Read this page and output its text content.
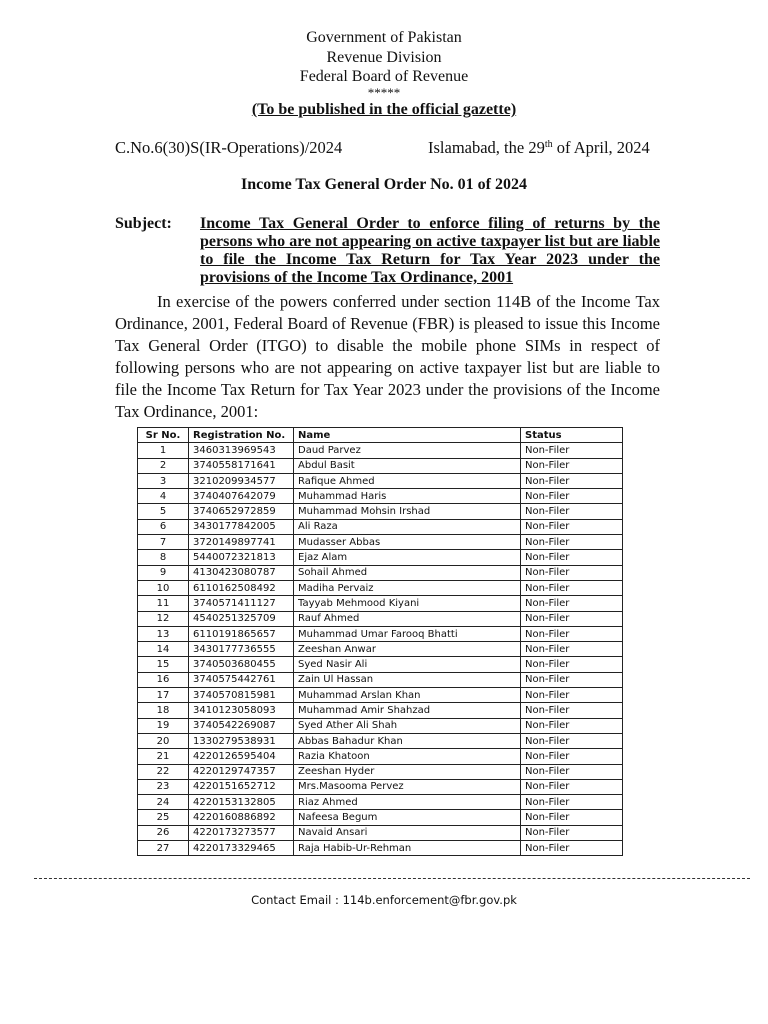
Government of Pakistan
Revenue Division
Federal Board of Revenue
*****
(To be published in the official gazette)
C.No.6(30)S(IR-Operations)/2024	Islamabad, the 29th of April, 2024
Income Tax General Order No. 01 of 2024
Subject: Income Tax General Order to enforce filing of returns by the persons who are not appearing on active taxpayer list but are liable to file the Income Tax Return for Tax Year 2023 under the provisions of the Income Tax Ordinance, 2001
In exercise of the powers conferred under section 114B of the Income Tax Ordinance, 2001, Federal Board of Revenue (FBR) is pleased to issue this Income Tax General Order (ITGO) to disable the mobile phone SIMs in respect of following persons who are not appearing on active taxpayer list but are liable to file the Income Tax Return for Tax Year 2023 under the provisions of the Income Tax Ordinance, 2001:
Sr No.	Registration No.	Name	Status
1	3460313969543	Daud Parvez	Non-Filer
2	3740558171641	Abdul Basit	Non-Filer
3	3210209934577	Rafique Ahmed	Non-Filer
4	3740407642079	Muhammad Haris	Non-Filer
5	3740652972859	Muhammad Mohsin Irshad	Non-Filer
6	3430177842005	Ali Raza	Non-Filer
7	3720149897741	Mudasser Abbas	Non-Filer
8	5440072321813	Ejaz Alam	Non-Filer
9	4130423080787	Sohail Ahmed	Non-Filer
10	6110162508492	Madiha Pervaiz	Non-Filer
11	3740571411127	Tayyab Mehmood Kiyani	Non-Filer
12	4540251325709	Rauf Ahmed	Non-Filer
13	6110191865657	Muhammad Umar Farooq Bhatti	Non-Filer
14	3430177736555	Zeeshan Anwar	Non-Filer
15	3740503680455	Syed Nasir Ali	Non-Filer
16	3740575442761	Zain Ul Hassan	Non-Filer
17	3740570815981	Muhammad Arslan Khan	Non-Filer
18	3410123058093	Muhammad Amir Shahzad	Non-Filer
19	3740542269087	Syed Ather Ali Shah	Non-Filer
20	1330279538931	Abbas Bahadur Khan	Non-Filer
21	4220126595404	Razia Khatoon	Non-Filer
22	4220129747357	Zeeshan Hyder	Non-Filer
23	4220151652712	Mrs.Masooma Pervez	Non-Filer
24	4220153132805	Riaz Ahmed	Non-Filer
25	4220160886892	Nafeesa Begum	Non-Filer
26	4220173273577	Navaid Ansari	Non-Filer
27	4220173329465	Raja Habib-Ur-Rehman	Non-Filer
Contact Email : 114b.enforcement@fbr.gov.pk
